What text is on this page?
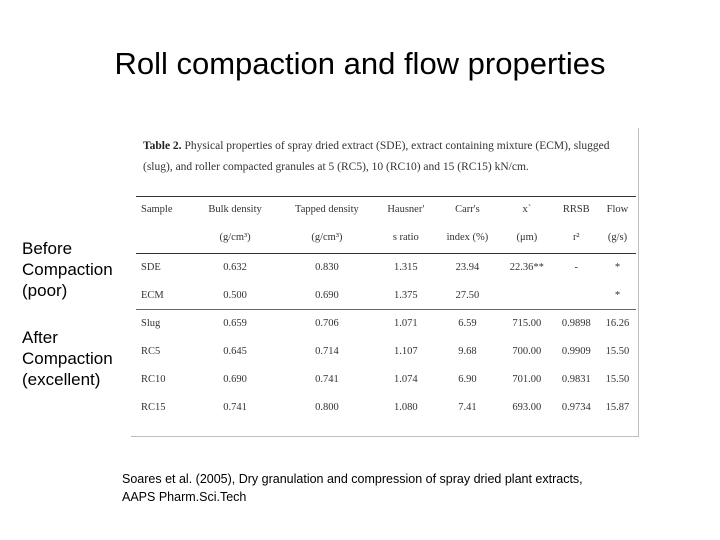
Roll compaction and flow properties
Table 2. Physical properties of spray dried extract (SDE), extract containing mixture (ECM), slugged (slug), and roller compacted granules at 5 (RC5), 10 (RC10) and 15 (RC15) kN/cm.
Sample	Bulk density	Tapped density	Hausner'	Carr's	x`	RRSB	Flow
	(g/cm³)	(g/cm³)	s ratio	index (%)	(μm)	r²	(g/s)
SDE	0.632	0.830	1.315	23.94	22.36**	-	*
ECM	0.500	0.690	1.375	27.50			*
Slug	0.659	0.706	1.071	6.59	715.00	0.9898	16.26
RC5	0.645	0.714	1.107	9.68	700.00	0.9909	15.50
RC10	0.690	0.741	1.074	6.90	701.00	0.9831	15.50
RC15	0.741	0.800	1.080	7.41	693.00	0.9734	15.87
Before
Compaction
(poor)
After
Compaction
(excellent)
Soares et al. (2005), Dry granulation and compression of spray dried plant extracts, AAPS Pharm.Sci.Tech
